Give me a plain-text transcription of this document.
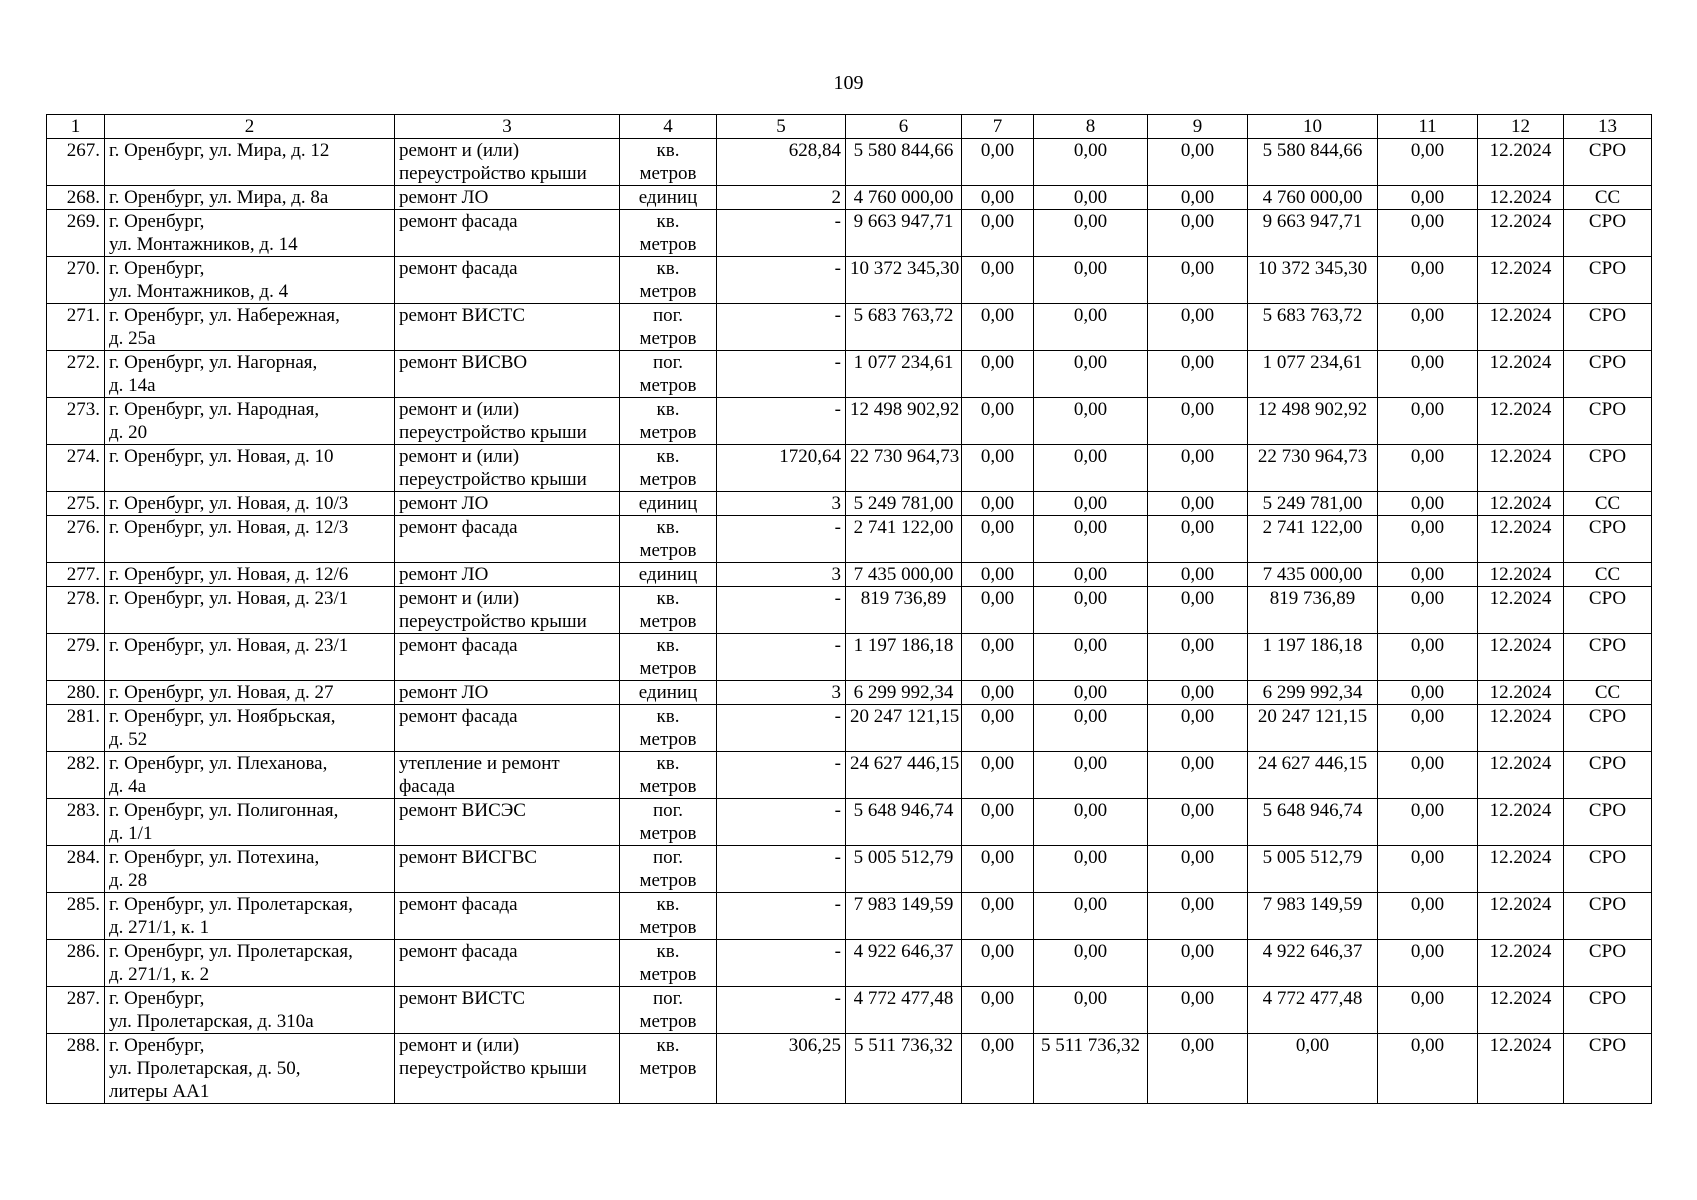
109
1	2	3	4	5	6	7	8	9	10	11	12	13
267.	г. Оренбург, ул. Мира, д. 12	ремонт и (или)
переустройство крыши	кв.
метров	628,84	5 580 844,66	0,00	0,00	0,00	5 580 844,66	0,00	12.2024	СРО
268.	г. Оренбург, ул. Мира, д. 8а	ремонт ЛО	единиц	2	4 760 000,00	0,00	0,00	0,00	4 760 000,00	0,00	12.2024	СС
269.	г. Оренбург,
ул. Монтажников, д. 14	ремонт фасада	кв.
метров	-	9 663 947,71	0,00	0,00	0,00	9 663 947,71	0,00	12.2024	СРО
270.	г. Оренбург,
ул. Монтажников, д. 4	ремонт фасада	кв.
метров	-	10 372 345,30	0,00	0,00	0,00	10 372 345,30	0,00	12.2024	СРО
271.	г. Оренбург, ул. Набережная,
д. 25а	ремонт ВИСТС	пог.
метров	-	5 683 763,72	0,00	0,00	0,00	5 683 763,72	0,00	12.2024	СРО
272.	г. Оренбург, ул. Нагорная,
д. 14а	ремонт ВИСВО	пог.
метров	-	1 077 234,61	0,00	0,00	0,00	1 077 234,61	0,00	12.2024	СРО
273.	г. Оренбург, ул. Народная,
д. 20	ремонт и (или)
переустройство крыши	кв.
метров	-	12 498 902,92	0,00	0,00	0,00	12 498 902,92	0,00	12.2024	СРО
274.	г. Оренбург, ул. Новая, д. 10	ремонт и (или)
переустройство крыши	кв.
метров	1720,64	22 730 964,73	0,00	0,00	0,00	22 730 964,73	0,00	12.2024	СРО
275.	г. Оренбург, ул. Новая, д. 10/3	ремонт ЛО	единиц	3	5 249 781,00	0,00	0,00	0,00	5 249 781,00	0,00	12.2024	СС
276.	г. Оренбург, ул. Новая, д. 12/3	ремонт фасада	кв.
метров	-	2 741 122,00	0,00	0,00	0,00	2 741 122,00	0,00	12.2024	СРО
277.	г. Оренбург, ул. Новая, д. 12/6	ремонт ЛО	единиц	3	7 435 000,00	0,00	0,00	0,00	7 435 000,00	0,00	12.2024	СС
278.	г. Оренбург, ул. Новая, д. 23/1	ремонт и (или)
переустройство крыши	кв.
метров	-	819 736,89	0,00	0,00	0,00	819 736,89	0,00	12.2024	СРО
279.	г. Оренбург, ул. Новая, д. 23/1	ремонт фасада	кв.
метров	-	1 197 186,18	0,00	0,00	0,00	1 197 186,18	0,00	12.2024	СРО
280.	г. Оренбург, ул. Новая, д. 27	ремонт ЛО	единиц	3	6 299 992,34	0,00	0,00	0,00	6 299 992,34	0,00	12.2024	СС
281.	г. Оренбург, ул. Ноябрьская,
д. 52	ремонт фасада	кв.
метров	-	20 247 121,15	0,00	0,00	0,00	20 247 121,15	0,00	12.2024	СРО
282.	г. Оренбург, ул. Плеханова,
д. 4а	утепление и ремонт
фасада	кв.
метров	-	24 627 446,15	0,00	0,00	0,00	24 627 446,15	0,00	12.2024	СРО
283.	г. Оренбург, ул. Полигонная,
д. 1/1	ремонт ВИСЭС	пог.
метров	-	5 648 946,74	0,00	0,00	0,00	5 648 946,74	0,00	12.2024	СРО
284.	г. Оренбург, ул. Потехина,
д. 28	ремонт ВИСГВС	пог.
метров	-	5 005 512,79	0,00	0,00	0,00	5 005 512,79	0,00	12.2024	СРО
285.	г. Оренбург, ул. Пролетарская,
д. 271/1, к. 1	ремонт фасада	кв.
метров	-	7 983 149,59	0,00	0,00	0,00	7 983 149,59	0,00	12.2024	СРО
286.	г. Оренбург, ул. Пролетарская,
д. 271/1, к. 2	ремонт фасада	кв.
метров	-	4 922 646,37	0,00	0,00	0,00	4 922 646,37	0,00	12.2024	СРО
287.	г. Оренбург,
ул. Пролетарская, д. 310а	ремонт ВИСТС	пог.
метров	-	4 772 477,48	0,00	0,00	0,00	4 772 477,48	0,00	12.2024	СРО
288.	г. Оренбург,
ул. Пролетарская, д. 50,
литеры АА1	ремонт и (или)
переустройство крыши	кв.
метров	306,25	5 511 736,32	0,00	5 511 736,32	0,00	0,00	0,00	12.2024	СРО
